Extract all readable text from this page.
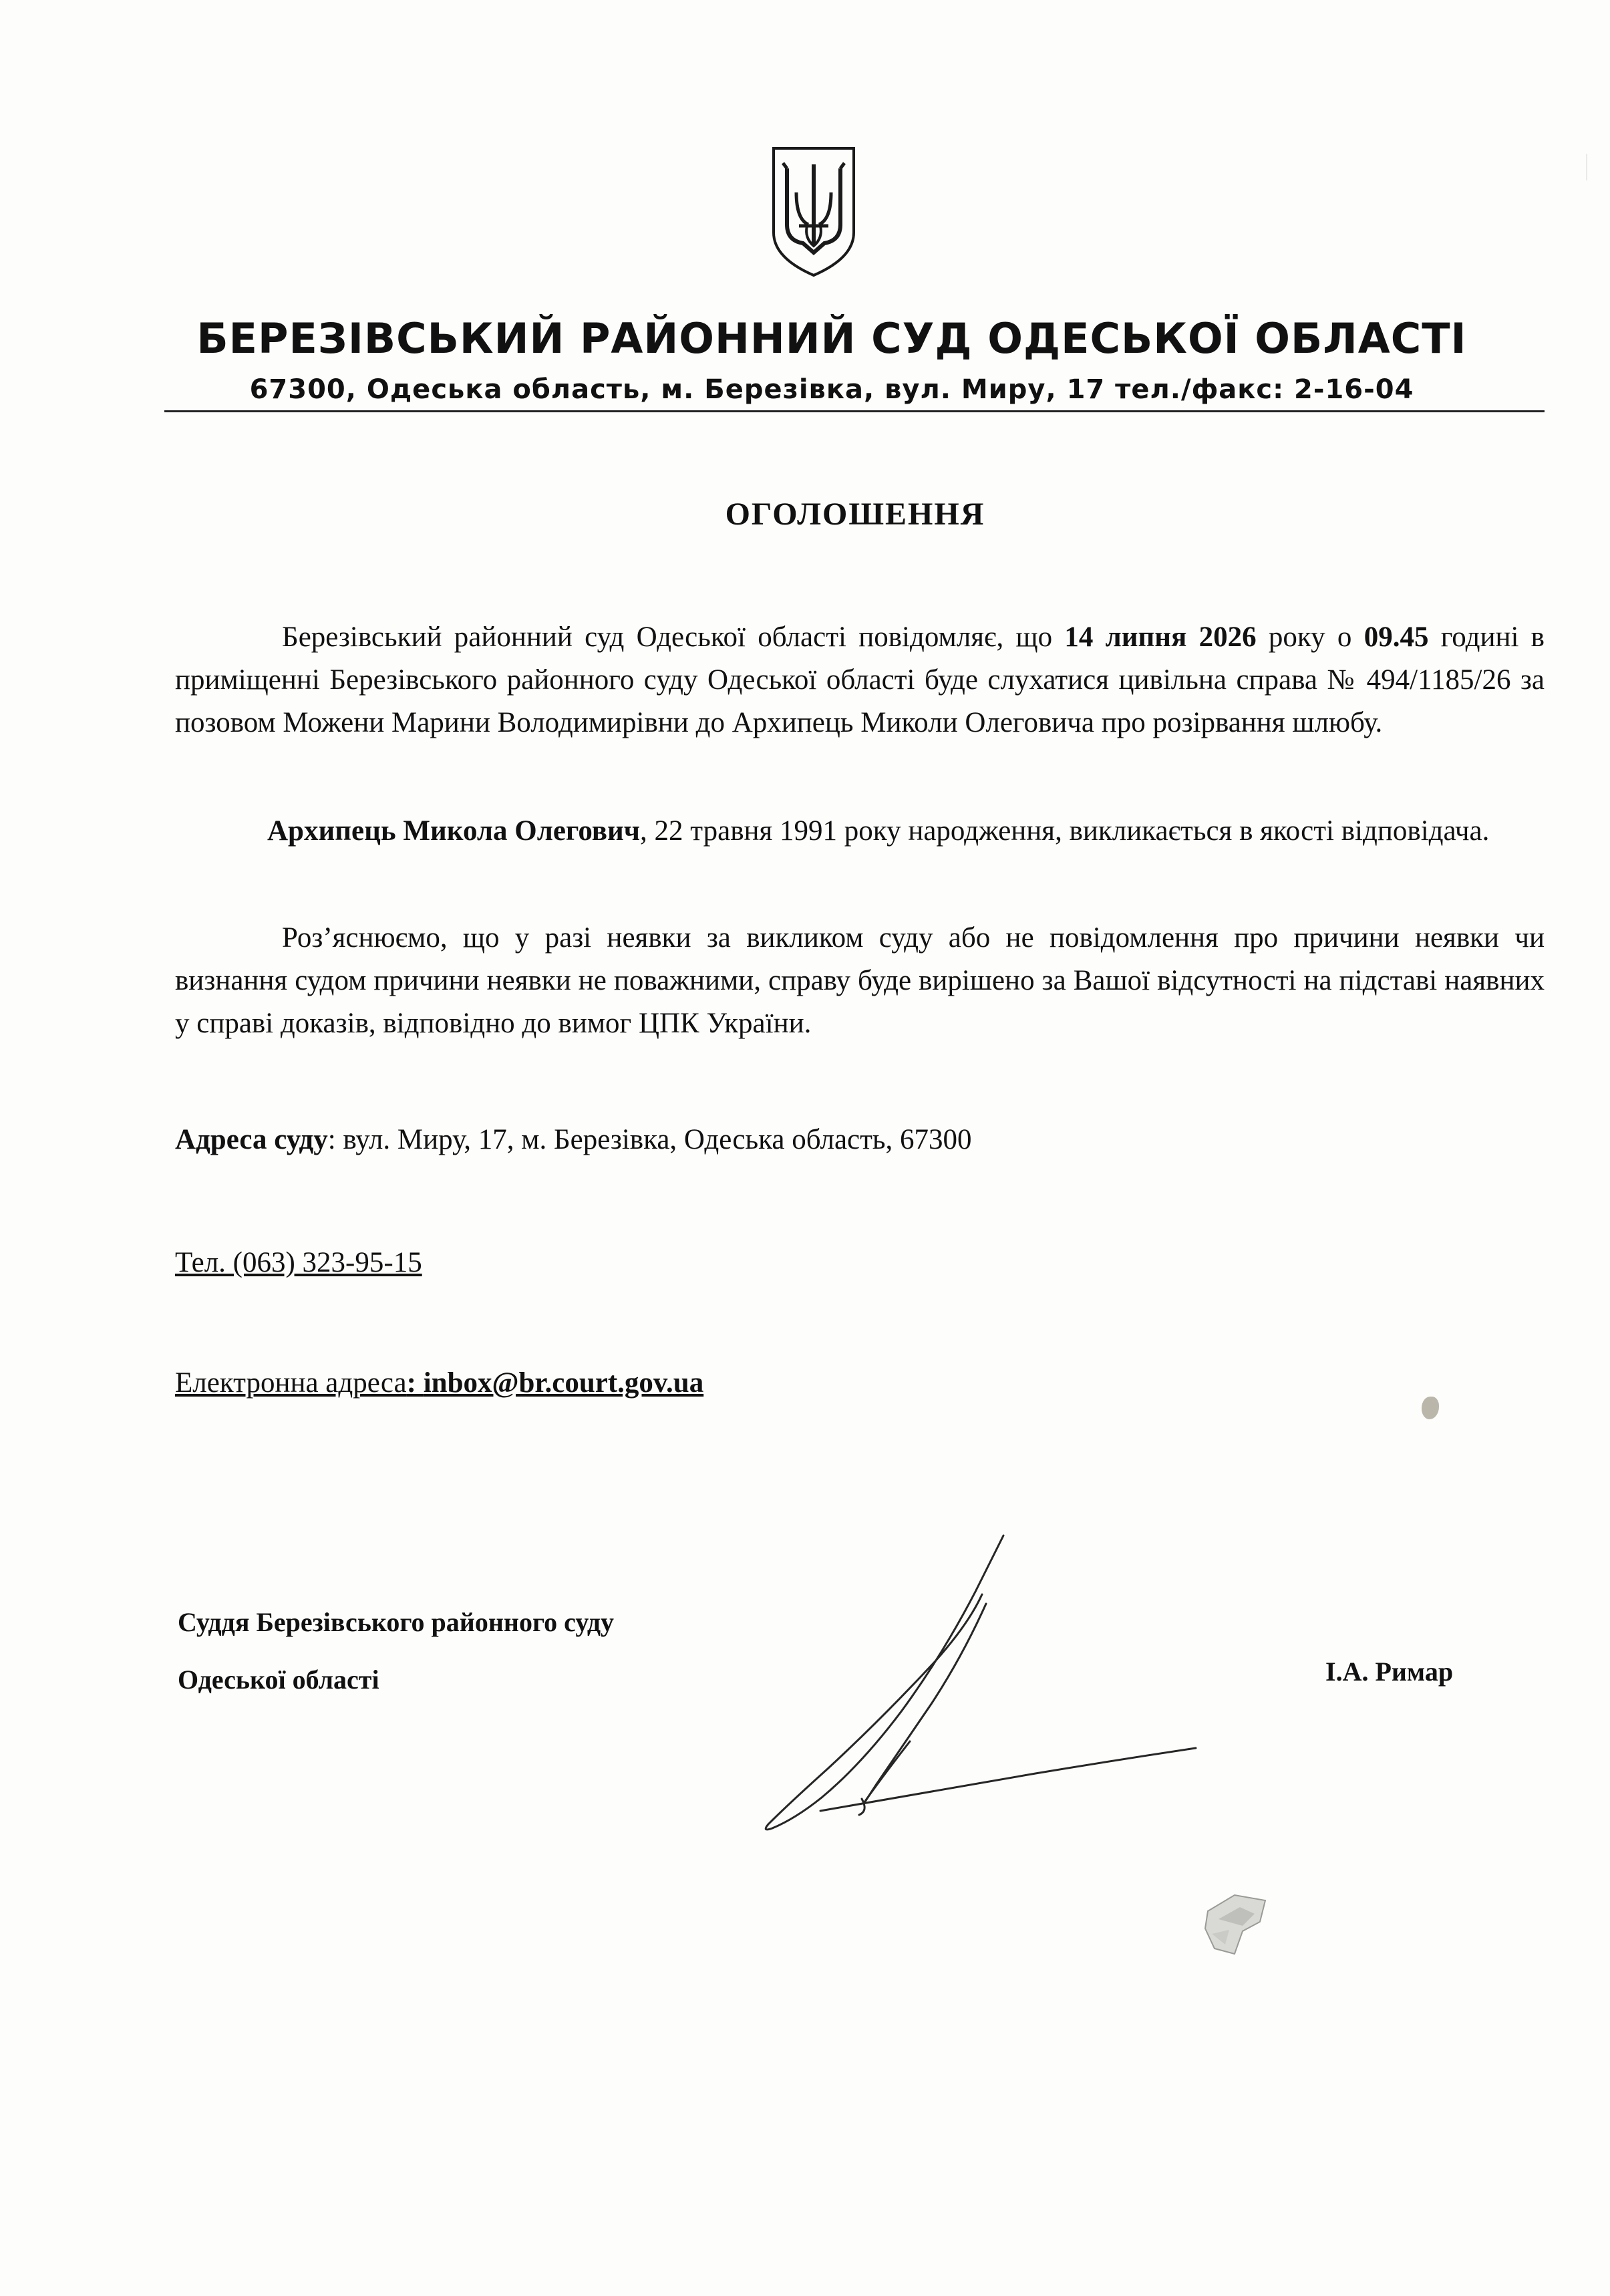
БЕРЕЗІВСЬКИЙ РАЙОННИЙ СУД ОДЕСЬКОЇ ОБЛАСТІ
67300, Одеська область, м. Березівка, вул. Миру, 17 тел./факс: 2-16-04
ОГОЛОШЕННЯ
Березівський районний суд Одеської області повідомляє, що 14 липня 2026 року о 09.45 годині в приміщенні Березівського районного суду Одеської області буде слухатися цивільна справа № 494/1185/26 за позовом Можени Марини Володимирівни до Архипець Миколи Олеговича про розірвання шлюбу.
Архипець Микола Олегович, 22 травня 1991 року народження, викликається в якості відповідача.
Роз’яснюємо, що у разі неявки за викликом суду або не повідомлення про причини неявки чи визнання судом причини неявки не поважними, справу буде вирішено за Вашої відсутності на підставі наявних у справі доказів, відповідно до вимог ЦПК України.
Адреса суду: вул. Миру, 17, м. Березівка, Одеська область, 67300
Тел. (063) 323-95-15
Електронна адреса: inbox@br.court.gov.ua
Суддя Березівського районного суду
Одеської області	І.А. Римар
